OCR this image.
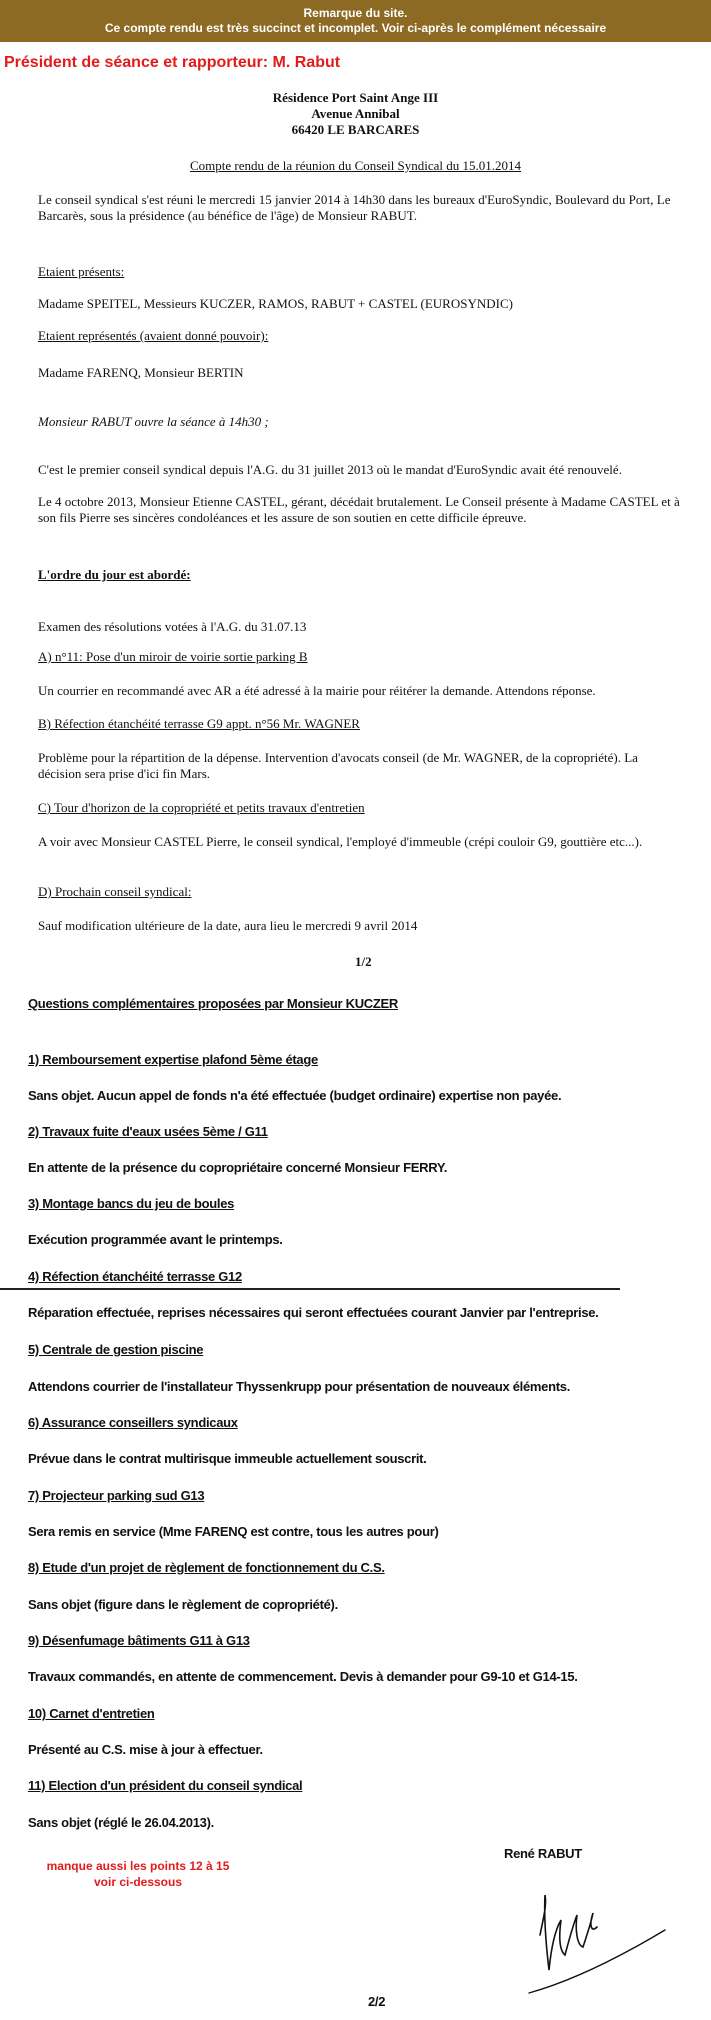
Remarque du site.
Ce compte rendu est très succinct et incomplet. Voir ci-après le complément nécessaire
Président de séance et rapporteur: M. Rabut
Résidence Port Saint Ange III
Avenue Annibal
66420 LE BARCARES
Compte rendu de la réunion du Conseil Syndical du 15.01.2014
Le conseil syndical s'est réuni le mercredi 15 janvier 2014 à 14h30 dans les bureaux d'EuroSyndic, Boulevard du Port, Le Barcarès, sous la présidence (au bénéfice de l'âge) de Monsieur RABUT.
Etaient présents:
Madame SPEITEL, Messieurs KUCZER, RAMOS, RABUT + CASTEL (EUROSYNDIC)
Etaient représentés (avaient donné pouvoir):
Madame FARENQ, Monsieur BERTIN
Monsieur RABUT ouvre la séance à 14h30 ;
C'est le premier conseil syndical depuis l'A.G. du 31 juillet 2013 où le mandat d'EuroSyndic avait été renouvelé.
Le 4 octobre 2013, Monsieur Etienne CASTEL, gérant, décédait brutalement. Le Conseil présente à Madame CASTEL et à son fils Pierre ses sincères condoléances et les assure de son soutien en cette difficile épreuve.
L'ordre du jour est abordé:
Examen des résolutions votées à l'A.G. du 31.07.13
A) n°11: Pose d'un miroir de voirie sortie parking B
Un courrier en recommandé avec AR a été adressé à la mairie pour réitérer la demande. Attendons réponse.
B) Réfection étanchéité terrasse G9 appt. n°56 Mr. WAGNER
Problème pour la répartition de la dépense. Intervention d'avocats conseil (de Mr. WAGNER, de la copropriété). La décision sera prise d'ici fin Mars.
C) Tour d'horizon de la copropriété et petits travaux d'entretien
A voir avec Monsieur CASTEL Pierre, le conseil syndical, l'employé d'immeuble (crépi couloir G9, gouttière etc...).
D) Prochain conseil syndical:
Sauf modification ultérieure de la date, aura lieu le mercredi 9 avril 2014
1/2
Questions complémentaires proposées par Monsieur KUCZER
1) Remboursement expertise plafond 5ème étage
Sans objet. Aucun appel de fonds n'a été effectuée (budget ordinaire) expertise non payée.
2) Travaux fuite d'eaux usées 5ème / G11
En attente de la présence du copropriétaire concerné Monsieur FERRY.
3) Montage bancs du jeu de boules
Exécution programmée avant le printemps.
4) Réfection étanchéité terrasse G12
Réparation effectuée, reprises nécessaires qui seront effectuées courant Janvier par l'entreprise.
5) Centrale de gestion piscine
Attendons courrier de l'installateur Thyssenkrupp pour présentation de nouveaux éléments.
6) Assurance conseillers syndicaux
Prévue dans le contrat multirisque immeuble actuellement souscrit.
7) Projecteur parking sud G13
Sera remis en service (Mme FARENQ est contre, tous les autres pour)
8) Etude d'un projet de règlement de fonctionnement du C.S.
Sans objet (figure dans le règlement de copropriété).
9) Désenfumage bâtiments G11 à G13
Travaux commandés, en attente de commencement. Devis à demander pour G9-10 et G14-15.
10) Carnet d'entretien
Présenté au C.S. mise à jour à effectuer.
11) Election d'un président du conseil syndical
Sans objet (réglé le 26.04.2013).
manque aussi les points 12 à 15
voir ci-dessous
René RABUT
2/2
